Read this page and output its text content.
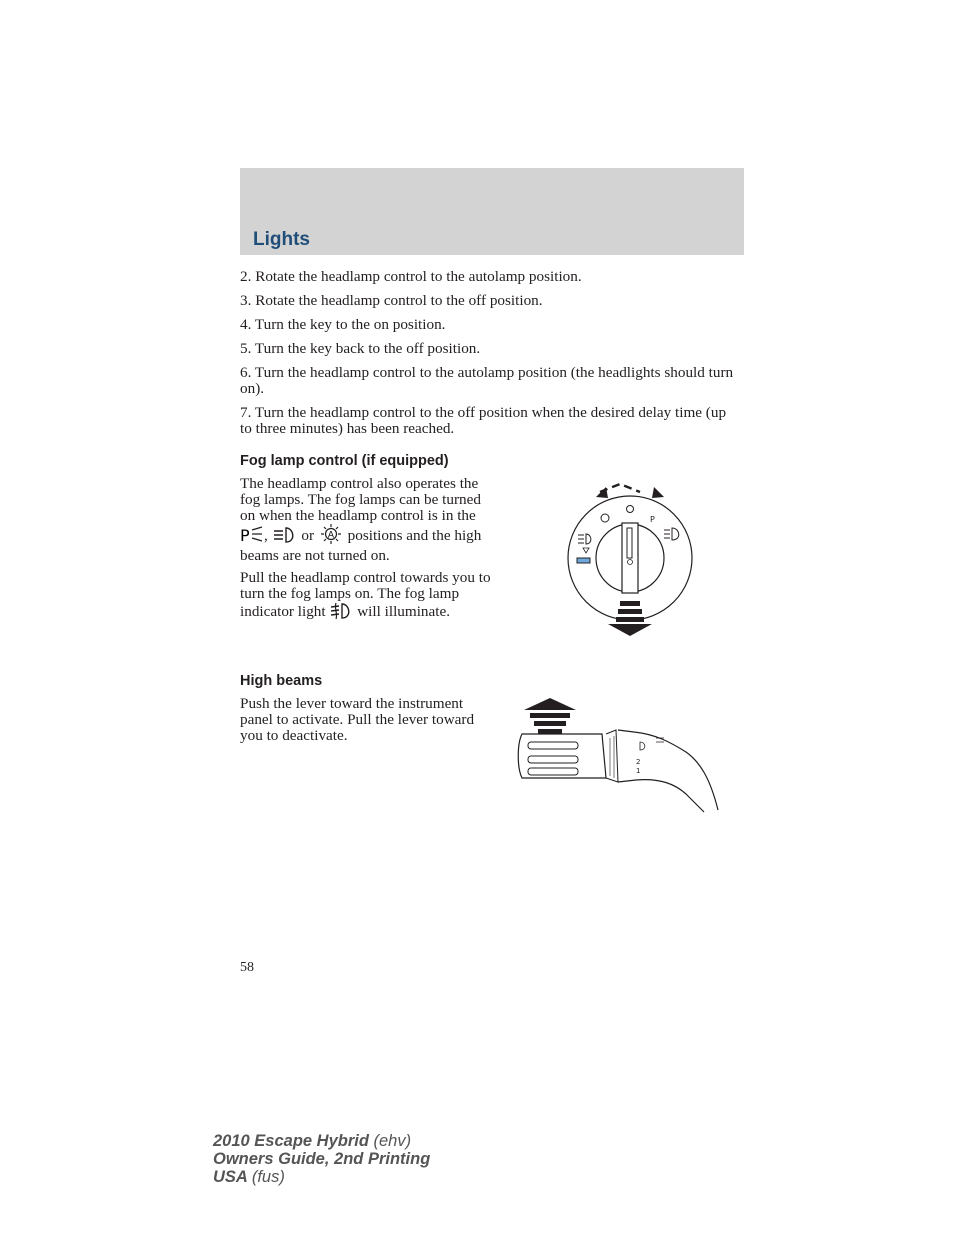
Lights
2. Rotate the headlamp control to the autolamp position.
3. Rotate the headlamp control to the off position.
4. Turn the key to the on position.
5. Turn the key back to the off position.
6. Turn the headlamp control to the autolamp position (the headlights should turn on).
7. Turn the headlamp control to the off position when the desired delay time (up to three minutes) has been reached.
Fog lamp control (if equipped)

The headlamp control also operates the fog lamps. The fog lamps can be turned on when the headlamp control is in the
P , or A positions and the high beams are not turned on.

Pull the headlamp control towards you to turn the fog lamps on. The fog lamp indicator light will illuminate.

P
High beams
Push the lever toward the instrument panel to activate. Pull the lever toward you to deactivate.
2
1
58
2010 Escape Hybrid (ehv)
Owners Guide, 2nd Printing
USA (fus)
